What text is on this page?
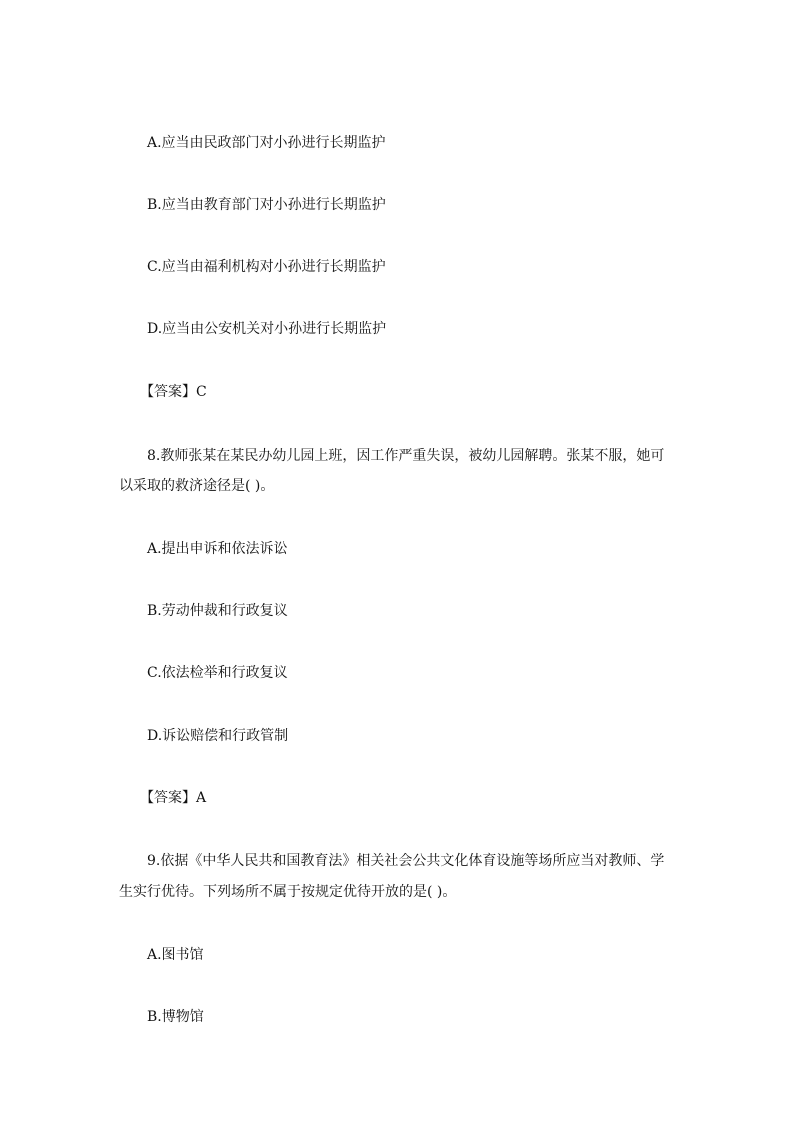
A.应当由民政部门对小孙进行长期监护
B.应当由教育部门对小孙进行长期监护
C.应当由福利机构对小孙进行长期监护
D.应当由公安机关对小孙进行长期监护
【答案】C
8.教师张某在某民办幼儿园上班，因工作严重失误，被幼儿园解聘。张某不服，她可
以采取的救济途径是( )。
A.提出申诉和依法诉讼
B.劳动仲裁和行政复议
C.依法检举和行政复议
D.诉讼赔偿和行政管制
【答案】A
9.依据《中华人民共和国教育法》相关社会公共文化体育设施等场所应当对教师、学
生实行优待。下列场所不属于按规定优待开放的是( )。
A.图书馆
B.博物馆
